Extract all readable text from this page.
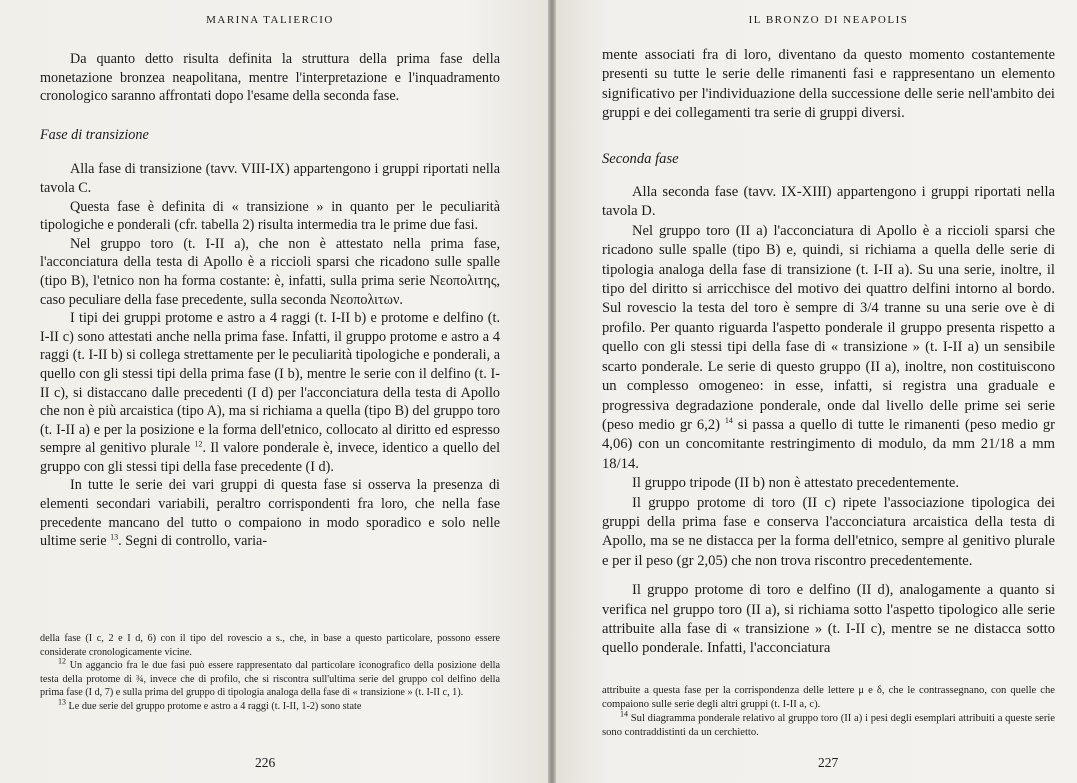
MARINA TALIERCIO

Da quanto detto risulta definita la struttura della prima fase della monetazione bronzea neapolitana, mentre l'interpretazione e l'inquadramento cronologico saranno affrontati dopo l'esame della seconda fase.

Fase di transizione

Alla fase di transizione (tavv. VIII-IX) appartengono i gruppi riportati nella tavola C.

Questa fase è definita di « transizione » in quanto per le peculiarità tipologiche e ponderali (cfr. tabella 2) risulta intermedia tra le prime due fasi.

Nel gruppo toro (t. I-II a), che non è attestato nella prima fase, l'acconciatura della testa di Apollo è a riccioli sparsi che ricadono sulle spalle (tipo B), l'etnico non ha forma costante: è, infatti, sulla prima serie Νεοπολιτης, caso peculiare della fase precedente, sulla seconda Νεοπολιτων.

I tipi dei gruppi protome e astro a 4 raggi (t. I-II b) e protome e delfino (t. I-II c) sono attestati anche nella prima fase. Infatti, il gruppo protome e astro a 4 raggi (t. I-II b) si collega strettamente per le peculiarità tipologiche e ponderali, a quello con gli stessi tipi della prima fase (I b), mentre le serie con il delfino (t. I-II c), si distaccano dalle precedenti (I d) per l'acconciatura della testa di Apollo che non è più arcaistica (tipo A), ma si richiama a quella (tipo B) del gruppo toro (t. I-II a) e per la posizione e la forma dell'etnico, collocato al diritto ed espresso sempre al genitivo plurale $^{12}$. Il valore ponderale è, invece, identico a quello del gruppo con gli stessi tipi della fase precedente (I d).

In tutte le serie dei vari gruppi di questa fase si osserva la presenza di elementi secondari variabili, peraltro corrispondenti fra loro, che nella fase precedente mancano del tutto o compaiono in modo sporadico e solo nelle ultime serie $^{13}$. Segni di controllo, varia-

della fase (I c, 2 e I d, 6) con il tipo del rovescio a s., che, in base a questo particolare, possono essere considerate cronologicamente vicine.

$^{12}$ Un aggancio fra le due fasi può essere rappresentato dal particolare iconografico della posizione della testa della protome di ¾, invece che di profilo, che si riscontra sull'ultima serie del gruppo col delfino della prima fase (I d, 7) e sulla prima del gruppo di tipologia analoga della fase di « transizione » (t. I-II c, 1).

$^{13}$ Le due serie del gruppo protome e astro a 4 raggi (t. I-II, 1-2) sono state

226
IL BRONZO DI NEAPOLIS

mente associati fra di loro, diventano da questo momento costantemente presenti su tutte le serie delle rimanenti fasi e rappresentano un elemento significativo per l'individuazione della successione delle serie nell'ambito dei gruppi e dei collegamenti tra serie di gruppi diversi.

Seconda fase

Alla seconda fase (tavv. IX-XIII) appartengono i gruppi riportati nella tavola D.

Nel gruppo toro (II a) l'acconciatura di Apollo è a riccioli sparsi che ricadono sulle spalle (tipo B) e, quindi, si richiama a quella delle serie di tipologia analoga della fase di transizione (t. I-II a). Su una serie, inoltre, il tipo del diritto si arricchisce del motivo dei quattro delfini intorno al bordo. Sul rovescio la testa del toro è sempre di 3/4 tranne su una serie ove è di profilo. Per quanto riguarda l'aspetto ponderale il gruppo presenta rispetto a quello con gli stessi tipi della fase di « transizione » (t. I-II a) un sensibile scarto ponderale. Le serie di questo gruppo (II a), inoltre, non costituiscono un complesso omogeneo: in esse, infatti, si registra una graduale e progressiva degradazione ponderale, onde dal livello delle prime sei serie (peso medio gr 6,2) $^{14}$ si passa a quello di tutte le rimanenti (peso medio gr 4,06) con un concomitante restringimento di modulo, da mm 21/18 a mm 18/14.

Il gruppo tripode (II b) non è attestato precedentemente.

Il gruppo protome di toro (II c) ripete l'associazione tipologica dei gruppi della prima fase e conserva l'acconciatura arcaistica della testa di Apollo, ma se ne distacca per la forma dell'etnico, sempre al genitivo plurale e per il peso (gr 2,05) che non trova riscontro precedentemente.

Il gruppo protome di toro e delfino (II d), analogamente a quanto si verifica nel gruppo toro (II a), si richiama sotto l'aspetto tipologico alle serie attribuite alla fase di « transizione » (t. I-II c), mentre se ne distacca sotto quello ponderale. Infatti, l'acconciatura

attribuite a questa fase per la corrispondenza delle lettere μ e δ, che le contrassegnano, con quelle che compaiono sulle serie degli altri gruppi (t. I-II a, c).

$^{14}$ Sul diagramma ponderale relativo al gruppo toro (II a) i pesi degli esemplari attribuiti a queste serie sono contraddistinti da un cerchietto.

227
